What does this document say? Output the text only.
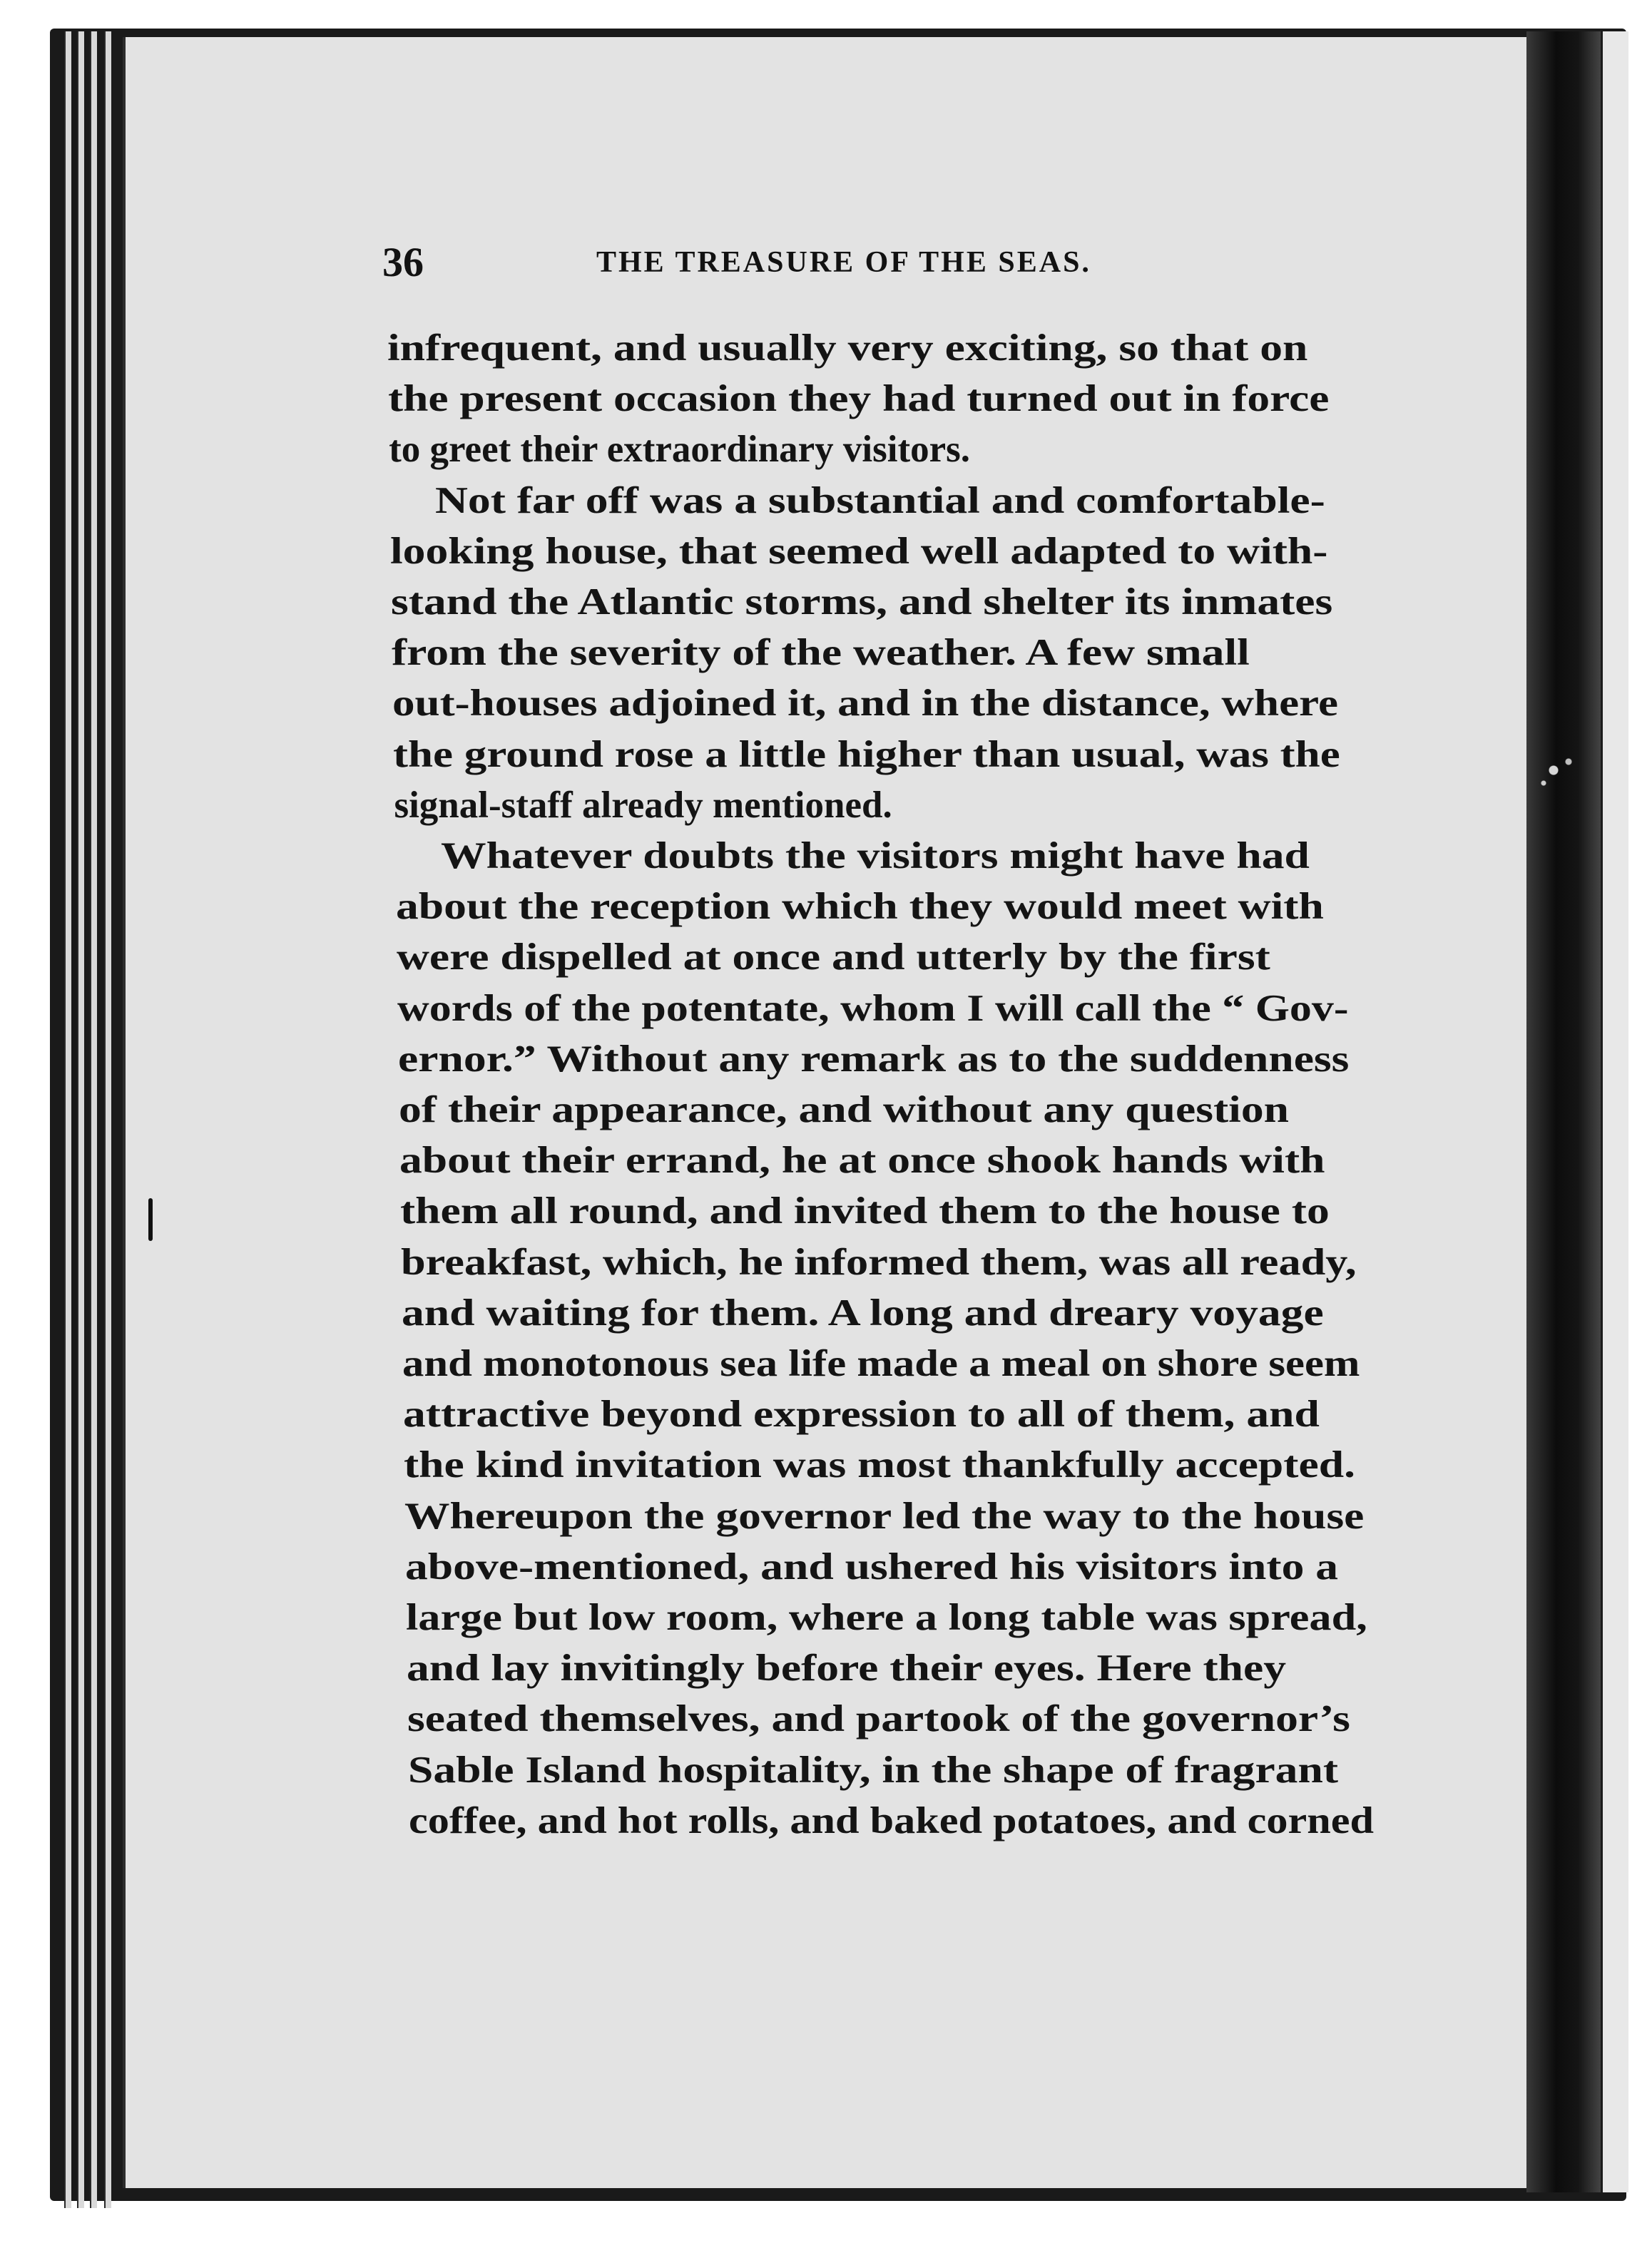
36	THE TREASURE OF THE SEAS.
infrequent, and usually very exciting, so that on
the present occasion they had turned out in force
to greet their extraordinary visitors.
Not far off was a substantial and comfortable-
looking house, that seemed well adapted to with-
stand the Atlantic storms, and shelter its inmates
from the severity of the weather. A few small
out-houses adjoined it, and in the distance, where
the ground rose a little higher than usual, was the
signal-staff already mentioned.
Whatever doubts the visitors might have had
about the reception which they would meet with
were dispelled at once and utterly by the first
words of the potentate, whom I will call the “ Gov-
ernor.” Without any remark as to the suddenness
of their appearance, and without any question
about their errand, he at once shook hands with
them all round, and invited them to the house to
breakfast, which, he informed them, was all ready,
and waiting for them. A long and dreary voyage
and monotonous sea life made a meal on shore seem
attractive beyond expression to all of them, and
the kind invitation was most thankfully accepted.
Whereupon the governor led the way to the house
above-mentioned, and ushered his visitors into a
large but low room, where a long table was spread,
and lay invitingly before their eyes. Here they
seated themselves, and partook of the governor’s
Sable Island hospitality, in the shape of fragrant
coffee, and hot rolls, and baked potatoes, and corned
